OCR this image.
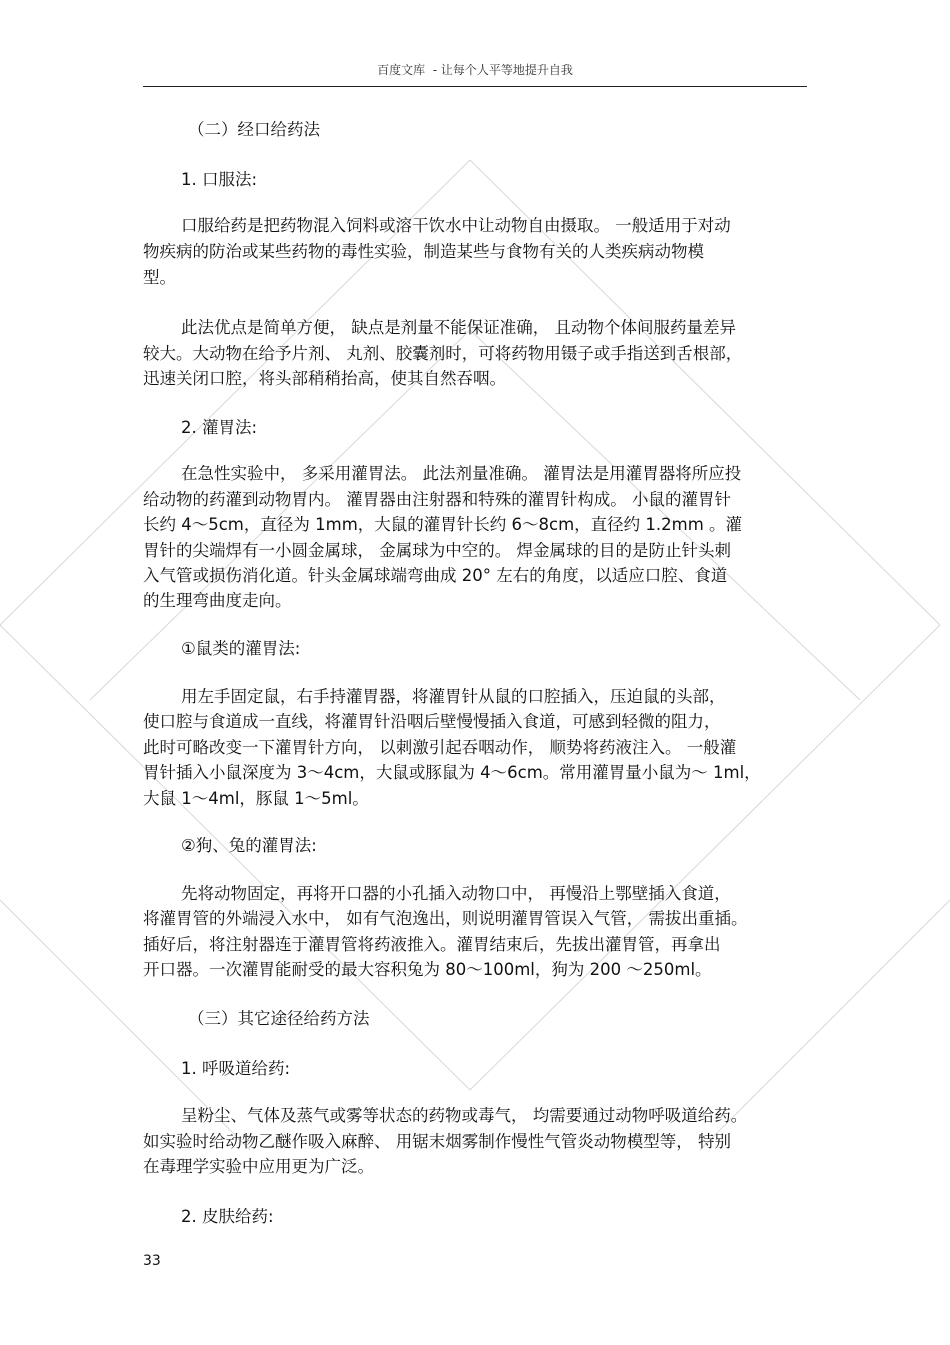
百度文库  - 让每个人平等地提升自我
（二）经口给药法
1. 口服法:
口服给药是把药物混入饲料或溶干饮水中让动物自由摄取。 一般适用于对动
物疾病的防治或某些药物的毒性实验，制造某些与食物有关的人类疾病动物模
型。
此法优点是简单方便， 缺点是剂量不能保证准确， 且动物个体间服药量差异
较大。大动物在给予片剂、 丸剂、胶囊剂时，可将药物用镊子或手指送到舌根部，
迅速关闭口腔，将头部稍稍抬高，使其自然吞咽。
2. 灌胃法:
在急性实验中， 多采用灌胃法。 此法剂量准确。 灌胃法是用灌胃器将所应投
给动物的药灌到动物胃内。 灌胃器由注射器和特殊的灌胃针构成。 小鼠的灌胃针
长约 4～5cm，直径为 1mm，大鼠的灌胃针长约 6～8cm，直径约 1.2mm 。灌
胃针的尖端焊有一小圆金属球， 金属球为中空的。 焊金属球的目的是防止针头刺
入气管或损伤消化道。针头金属球端弯曲成 20° 左右的角度，以适应口腔、食道
的生理弯曲度走向。
①鼠类的灌胃法:
用左手固定鼠，右手持灌胃器，将灌胃针从鼠的口腔插入，压迫鼠的头部，
使口腔与食道成一直线，将灌胃针沿咽后壁慢慢插入食道，可感到轻微的阻力，
此时可略改变一下灌胃针方向， 以刺激引起吞咽动作， 顺势将药液注入。 一般灌
胃针插入小鼠深度为 3～4cm，大鼠或豚鼠为 4～6cm。常用灌胃量小鼠为～ 1ml，
大鼠 1～4ml，豚鼠 1～5ml。
②狗、兔的灌胃法:
先将动物固定，再将开口器的小孔插入动物口中， 再慢沿上鄂壁插入食道，
将灌胃管的外端浸入水中， 如有气泡逸出，则说明灌胃管误入气管， 需拔出重插。
插好后，将注射器连于灌胃管将药液推入。灌胃结束后，先拔出灌胃管，再拿出
开口器。一次灌胃能耐受的最大容积兔为 80～100ml，狗为 200 ～250ml。
（三）其它途径给药方法
1. 呼吸道给药:
呈粉尘、气体及蒸气或雾等状态的药物或毒气， 均需要通过动物呼吸道给药。
如实验时给动物乙醚作吸入麻醉、 用锯末烟雾制作慢性气管炎动物模型等， 特别
在毒理学实验中应用更为广泛。
2. 皮肤给药:
33
